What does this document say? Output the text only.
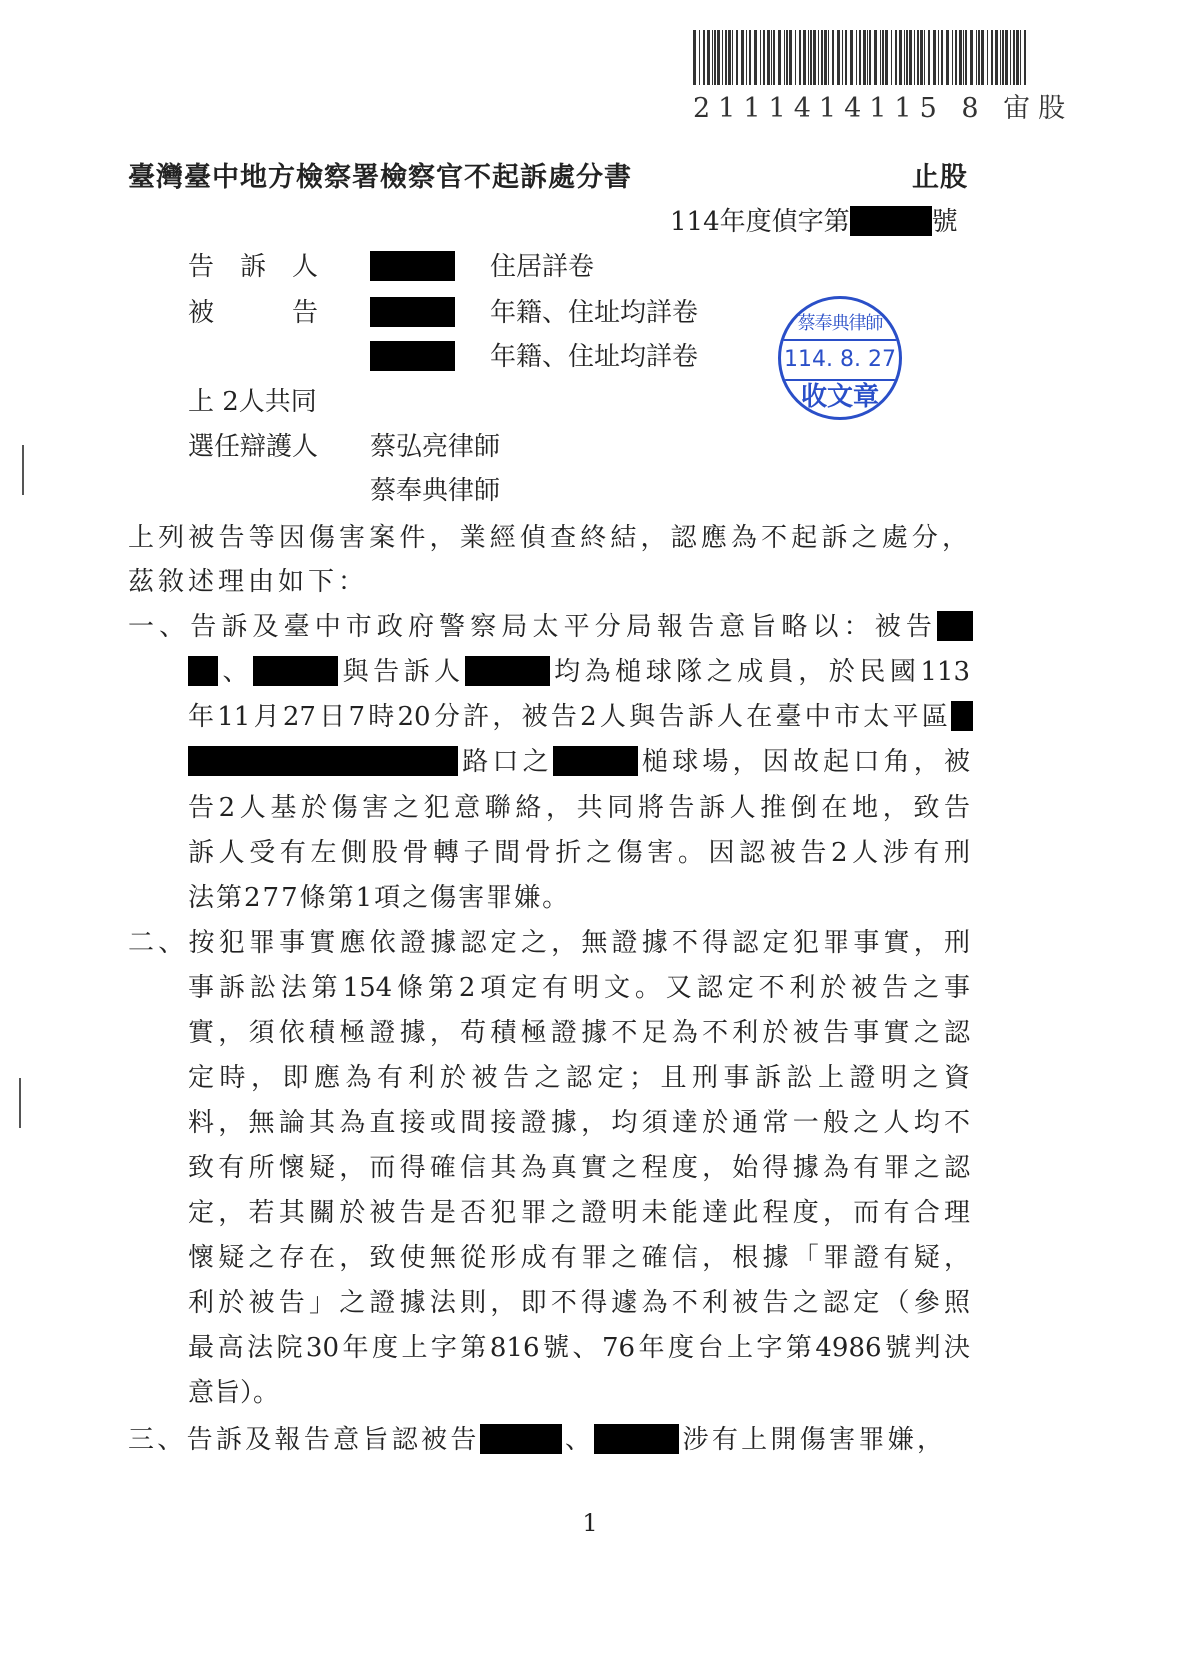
2111414115 8 宙股
臺灣臺中地方檢察署檢察官不起訴處分書	止股
114年度偵字第	號
告　訴　人	住居詳卷
被　　　告	年籍、住址均詳卷
年籍、住址均詳卷
上 2人共同
選任辯護人 蔡弘亮律師
蔡奉典律師
蔡奉典律師
114. 8. 27
收文章
上列被告等因傷害案件，業經偵查終結，認應為不起訴之處分，
茲敘述理由如下：
一、告訴及臺中市政府警察局太平分局報告意旨略以：被告
、	與告訴人	均為槌球隊之成員，於民國113
年11月27日7時20分許，被告2人與告訴人在臺中市太平區
路口之	槌球場，因故起口角，被
告2人基於傷害之犯意聯絡，共同將告訴人推倒在地，致告
訴人受有左側股骨轉子間骨折之傷害。因認被告2人涉有刑
法第277條第1項之傷害罪嫌。
二、按犯罪事實應依證據認定之，無證據不得認定犯罪事實，刑
事訴訟法第154條第2項定有明文。又認定不利於被告之事
實，須依積極證據，苟積極證據不足為不利於被告事實之認
定時，即應為有利於被告之認定；且刑事訴訟上證明之資
料，無論其為直接或間接證據，均須達於通常一般之人均不
致有所懷疑，而得確信其為真實之程度，始得據為有罪之認
定，若其關於被告是否犯罪之證明未能達此程度，而有合理
懷疑之存在，致使無從形成有罪之確信，根據「罪證有疑，
利於被告」之證據法則，即不得遽為不利被告之認定（參照
最高法院30年度上字第816號、76年度台上字第4986號判決
意旨）。
三、告訴及報告意旨認被告	、	涉有上開傷害罪嫌，
1
